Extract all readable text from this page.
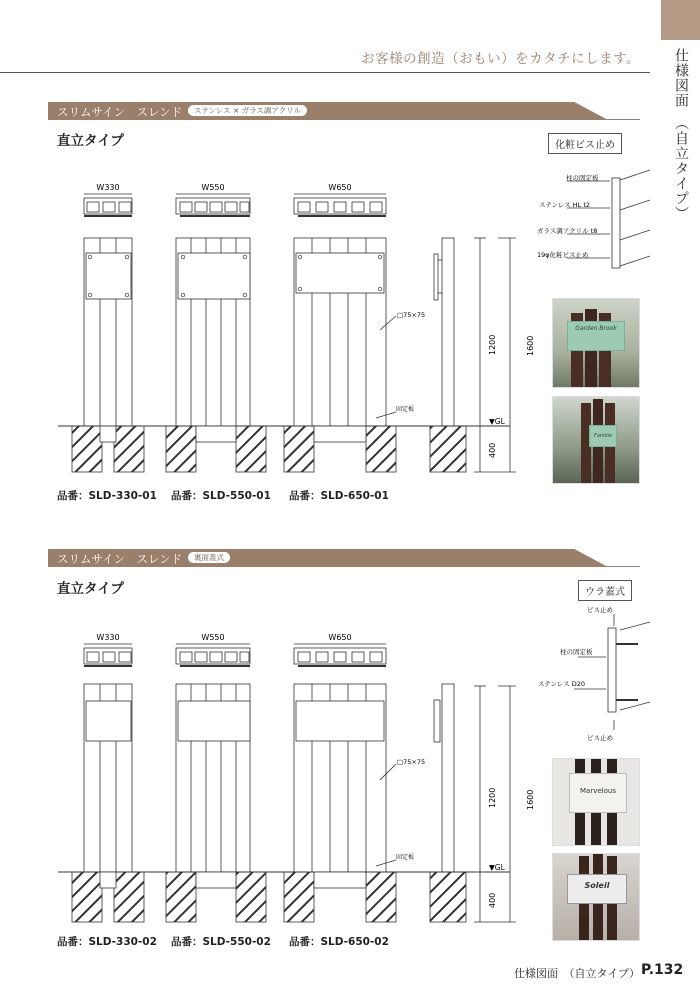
お客様の創造（おもい）をカタチにします。	仕様図面　（自立タイプ）
スリムサイン　スレンド	ステンレス × ガラス調アクリル
直立タイプ	化粧ビス止め
W330	W550	W650
□75×75
固定板
▼GL
1200	1600
400
柱の固定板
ステンレス HL t2
ガラス調アクリル t8
19φ化粧ビス止め
Garden Brook
Familie
品番：SLD-330-01 品番：SLD-550-01 品番：SLD-650-01
スリムサイン　スレンド	裏面蓋式
直立タイプ	ウラ蓋式
W330	W550	W650
□75×75
固定板
▼GL
1200	1600
400
ビス止め
柱の固定板
ステンレス D20
ビス止め
Marvelous
Soleil
品番：SLD-330-02 品番：SLD-550-02 品番：SLD-650-02
仕様図面　（自立タイプ） P.132
